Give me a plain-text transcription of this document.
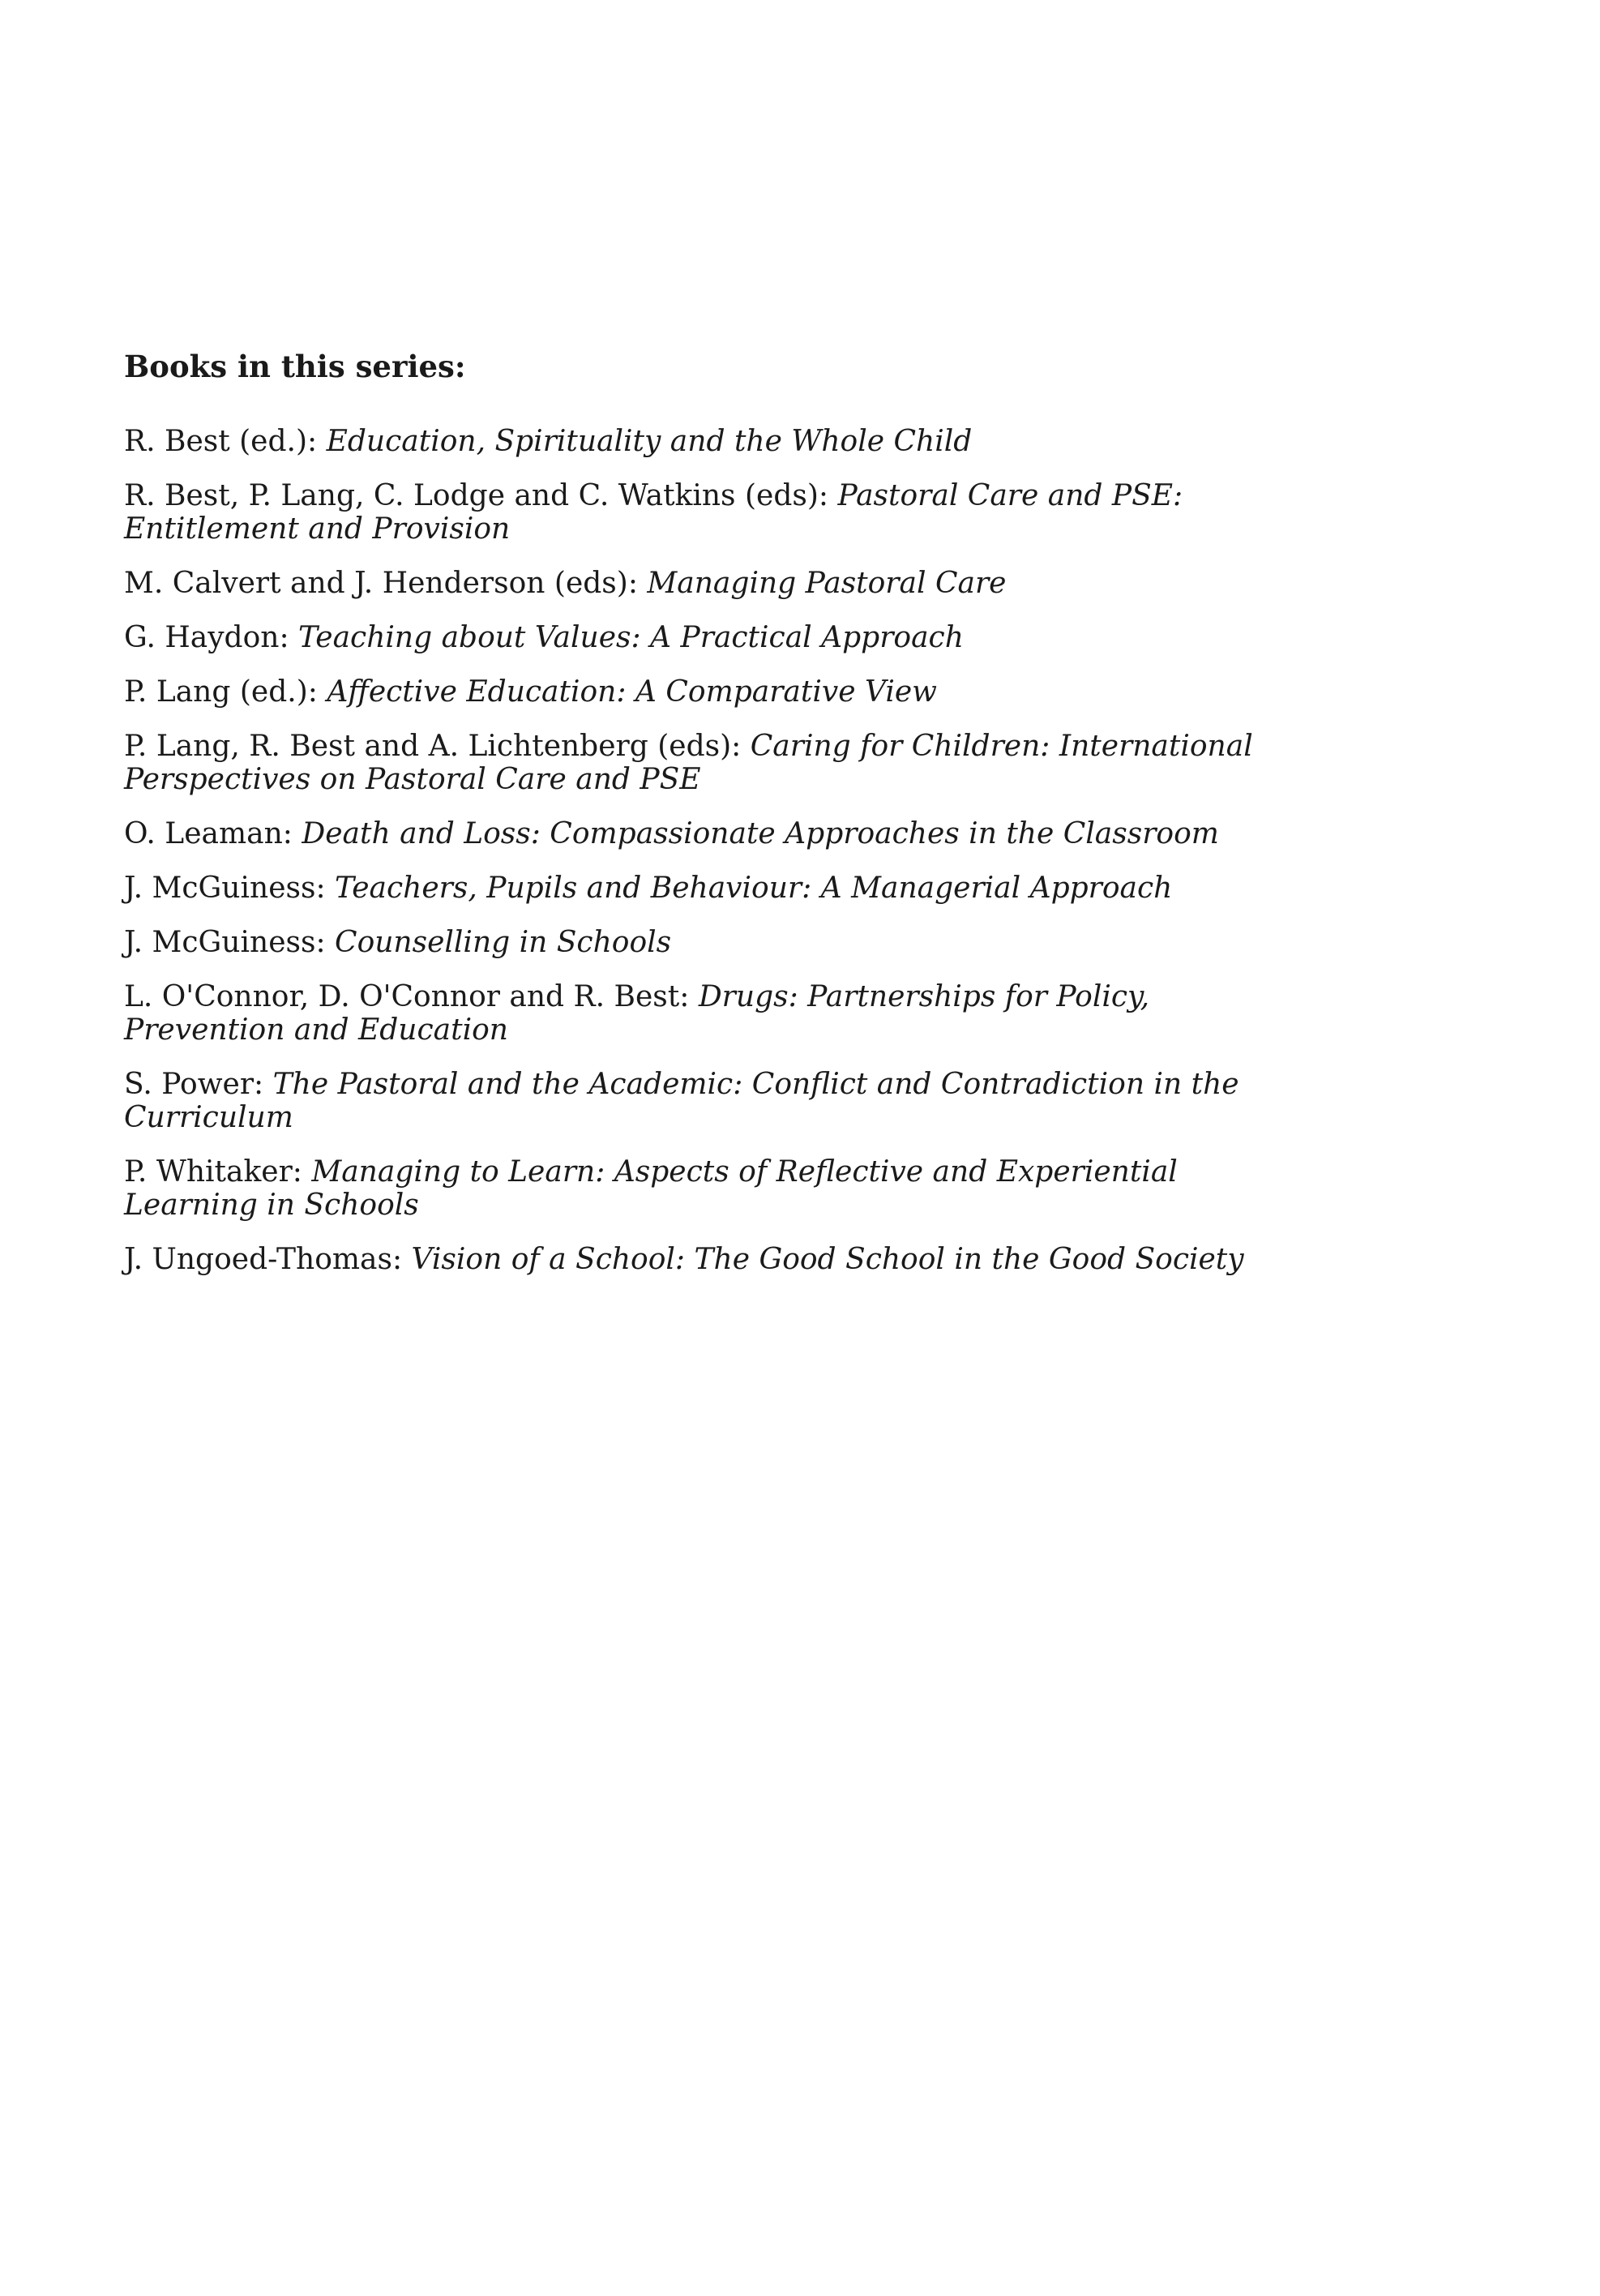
Books in this series:
R. Best (ed.): Education, Spirituality and the Whole Child
R. Best, P. Lang, C. Lodge and C. Watkins (eds): Pastoral Care and PSE: Entitlement and Provision
M. Calvert and J. Henderson (eds): Managing Pastoral Care
G. Haydon: Teaching about Values: A Practical Approach
P. Lang (ed.): Affective Education: A Comparative View
P. Lang, R. Best and A. Lichtenberg (eds): Caring for Children: International Perspectives on Pastoral Care and PSE
O. Leaman: Death and Loss: Compassionate Approaches in the Classroom
J. McGuiness: Teachers, Pupils and Behaviour: A Managerial Approach
J. McGuiness: Counselling in Schools
L. O'Connor, D. O'Connor and R. Best: Drugs: Partnerships for Policy, Prevention and Education
S. Power: The Pastoral and the Academic: Conflict and Contradiction in the Curriculum
P. Whitaker: Managing to Learn: Aspects of Reflective and Experiential Learning in Schools
J. Ungoed-Thomas: Vision of a School: The Good School in the Good Society
